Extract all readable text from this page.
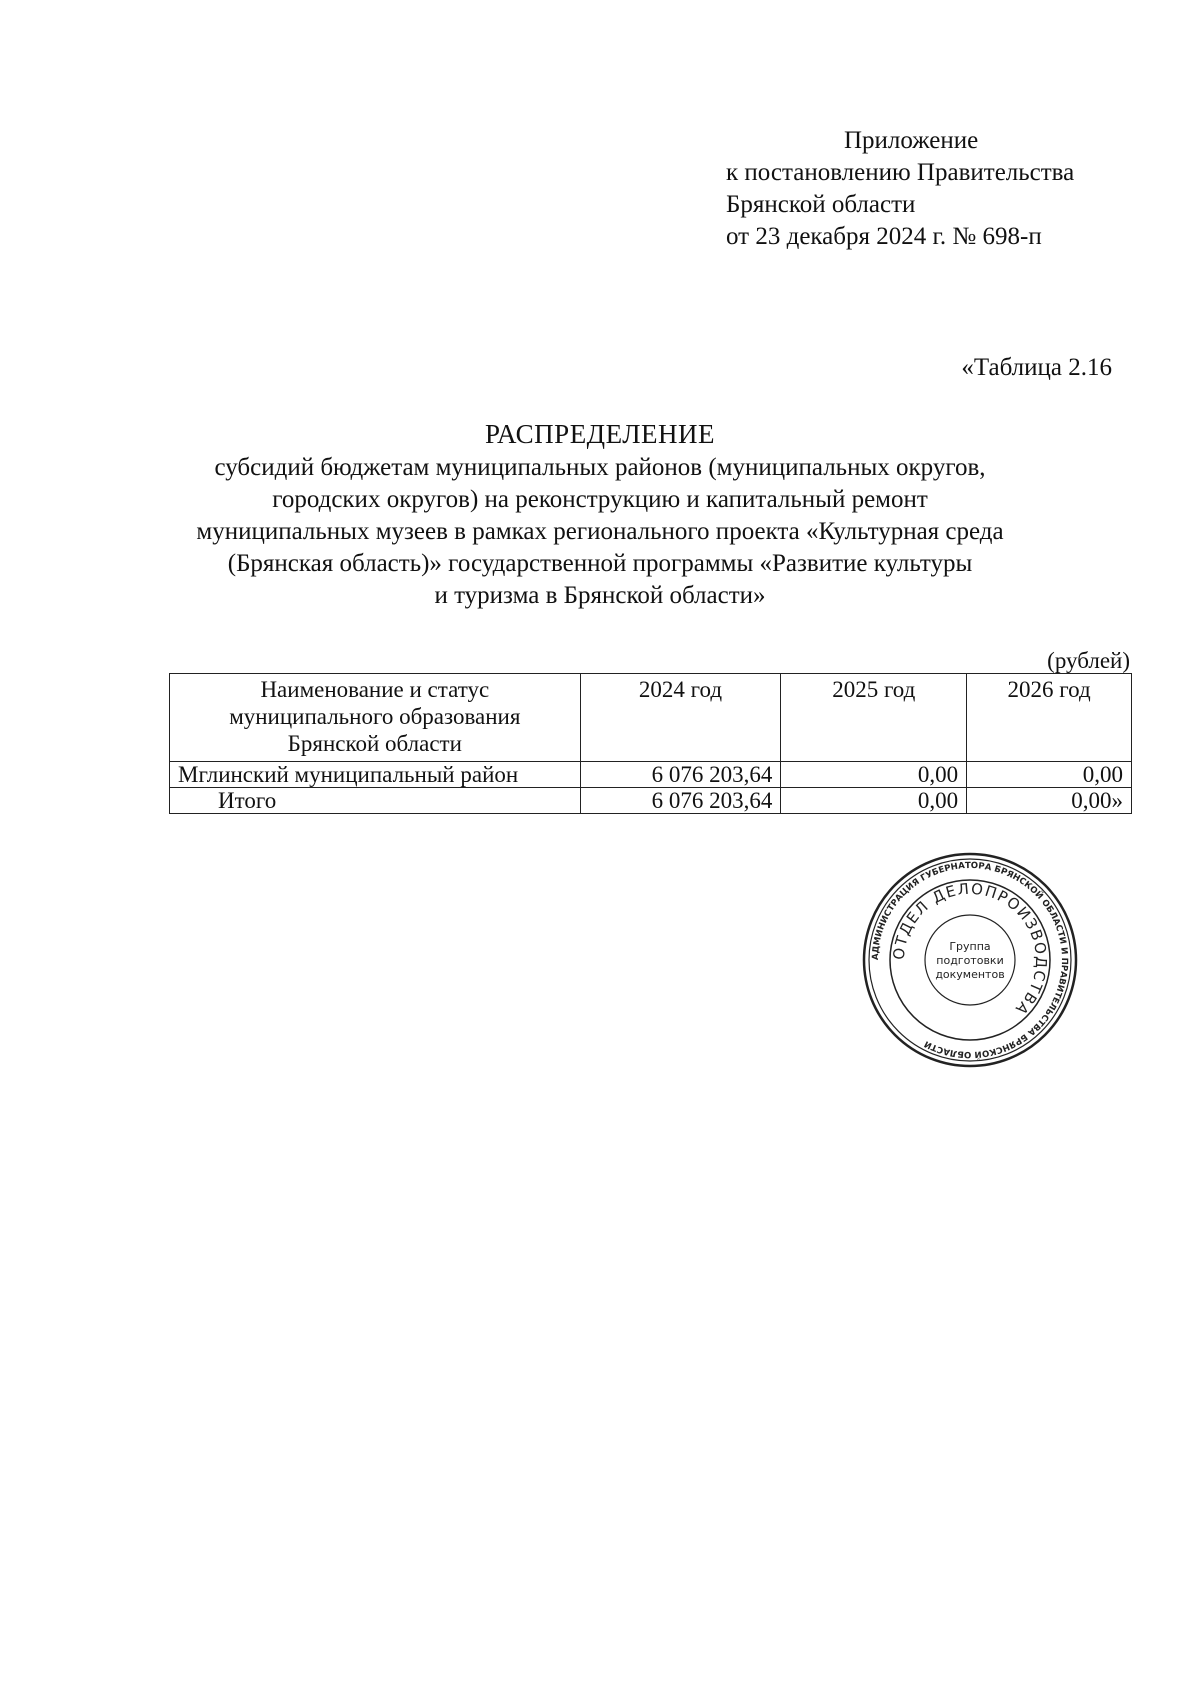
Приложение
к постановлению Правительства
Брянской области
от 23 декабря 2024 г. № 698-п
«Таблица 2.16
РАСПРЕДЕЛЕНИЕ
субсидий бюджетам муниципальных районов (муниципальных округов,
городских округов) на реконструкцию и капитальный ремонт
муниципальных музеев в рамках регионального проекта «Культурная среда
(Брянская область)» государственной программы «Развитие культуры
и туризма в Брянской области»
(рублей)
Наименование и статус
муниципального образования
Брянской области	2024 год	2025 год	2026 год
Мглинский муниципальный район	6 076 203,64	0,00	0,00
Итого	6 076 203,64	0,00	0,00»
АДМИНИСТРАЦИЯ ГУБЕРНАТОРА БРЯНСКОЙ ОБЛАСТИ И ПРАВИТЕЛЬСТВА БРЯНСКОЙ ОБЛАСТИ
ОТДЕЛ ДЕЛОПРОИЗВОДСТВА
Группа
подготовки
документов
